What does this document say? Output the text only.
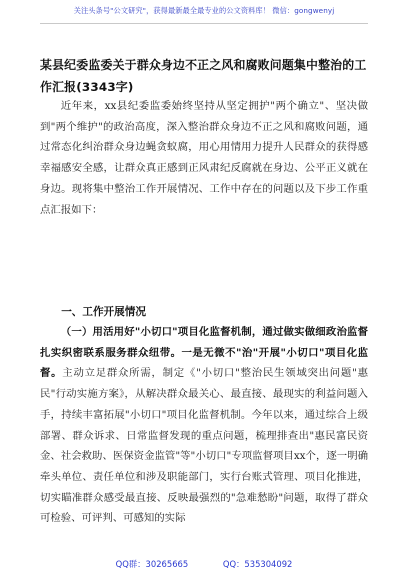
关注头条号"公文研究"，获得最新最全最专业的公文资料库！ 微信：gongwenyj
某县纪委监委关于群众身边不正之风和腐败问题集中整治的工作汇报(3343字)

近年来，xx县纪委监委始终坚持从坚定拥护"两个确立"、坚决做到"两个维护"的政治高度，深入整治群众身边不正之风和腐败问题，通过常态化纠治群众身边蝇贪蚁腐，用心用情用力提升人民群众的获得感幸福感安全感，让群众真正感到正风肃纪反腐就在身边、公平正义就在身边。现将集中整治工作开展情况、工作中存在的问题以及下步工作重点汇报如下：

一、工作开展情况

（一）用活用好"小切口"项目化监督机制，通过做实做细政治监督扎实织密联系服务群众纽带。一是无微不"治"开展"小切口"项目化监督。主动立足群众所需，制定《"小切口"整治民生领域突出问题"惠民"行动实施方案》，从解决群众最关心、最直接、最现实的利益问题入手，持续丰富拓展"小切口"项目化监督机制。今年以来，通过综合上级部署、群众诉求、日常监督发现的重点问题，梳理排查出"惠民富民资金、社会救助、医保资金监管"等"小切口"专项监督项目xx个，逐一明确牵头单位、责任单位和涉及职能部门，实行台账式管理、项目化推进，切实瞄准群众感受最直接、反映最强烈的"急难愁盼"问题，取得了群众可检验、可评判、可感知的实际

QQ群：30265665	QQ：535304092
